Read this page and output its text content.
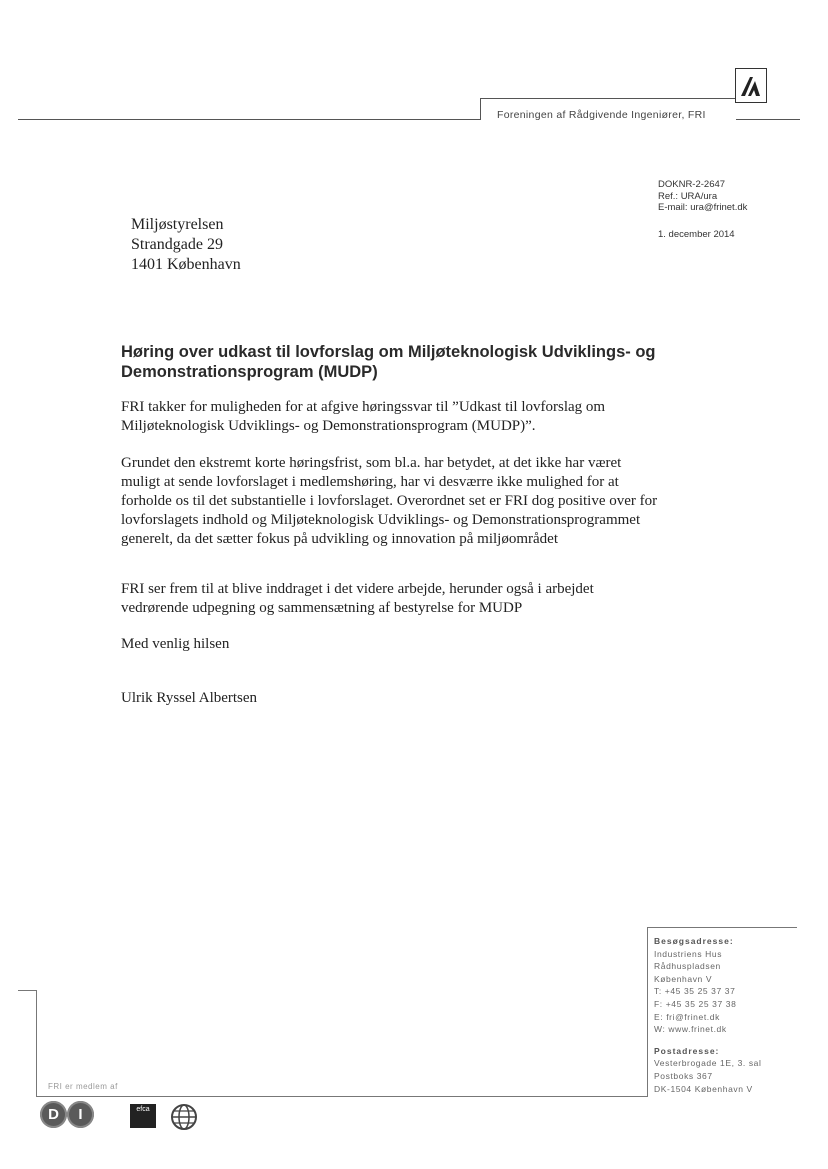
Foreningen af Rådgivende Ingeniører, FRI
DOKNR-2-2647
Ref.: URA/ura
E-mail: ura@frinet.dk
1. december 2014
Miljøstyrelsen
Strandgade 29
1401 København
Høring over udkast til lovforslag om Miljøteknologisk Udviklings- og Demonstrationsprogram (MUDP)
FRI takker for muligheden for at afgive høringssvar til ”Udkast til lovforslag om Miljøteknologisk Udviklings- og Demonstrationsprogram (MUDP)”.
Grundet den ekstremt korte høringsfrist, som bl.a. har betydet, at det ikke har været muligt at sende lovforslaget i medlemshøring, har vi desværre ikke mulighed for at forholde os til det substantielle i lovforslaget. Overordnet set er FRI dog positive over for lovforslagets indhold og Miljøteknologisk Udviklings- og Demonstrationsprogrammet generelt, da det sætter fokus på udvikling og innovation på miljøområdet
FRI ser frem til at blive inddraget i det videre arbejde, herunder også i arbejdet vedrørende udpegning og sammensætning af bestyrelse for MUDP
Med venlig hilsen
Ulrik Ryssel Albertsen
Besøgsadresse:
Industriens Hus
Rådhuspladsen
København V
T: +45 35 25 37 37
F: +45 35 25 37 38
E: fri@frinet.dk
W: www.frinet.dk
Postadresse:
Vesterbrogade 1E, 3. sal
Postboks 367
DK-1504 København V
FRI er medlem af
D	I	efca
